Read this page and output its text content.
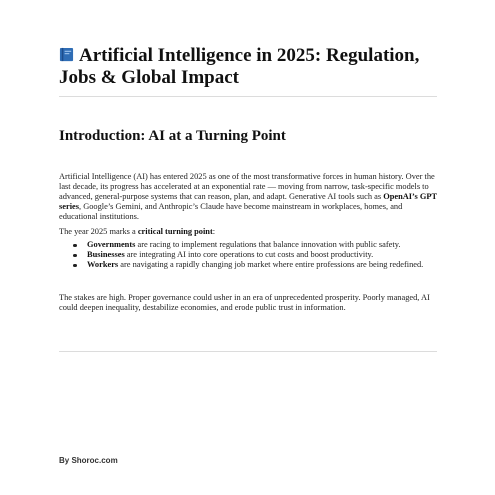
Artificial Intelligence in 2025: Regulation, Jobs & Global Impact
Introduction: AI at a Turning Point

Artificial Intelligence (AI) has entered 2025 as one of the most transformative forces in human history. Over the last decade, its progress has accelerated at an exponential rate — moving from narrow, task-specific models to advanced, general-purpose systems that can reason, plan, and adapt. Generative AI tools such as OpenAI’s GPT series, Google’s Gemini, and Anthropic’s Claude have become mainstream in workplaces, homes, and educational institutions.

The year 2025 marks a critical turning point:

Governments are racing to implement regulations that balance innovation with public safety.
Businesses are integrating AI into core operations to cut costs and boost productivity.
Workers are navigating a rapidly changing job market where entire professions are being redefined.

The stakes are high. Proper governance could usher in an era of unprecedented prosperity. Poorly managed, AI could deepen inequality, destabilize economies, and erode public trust in information.

By Shoroc.com
